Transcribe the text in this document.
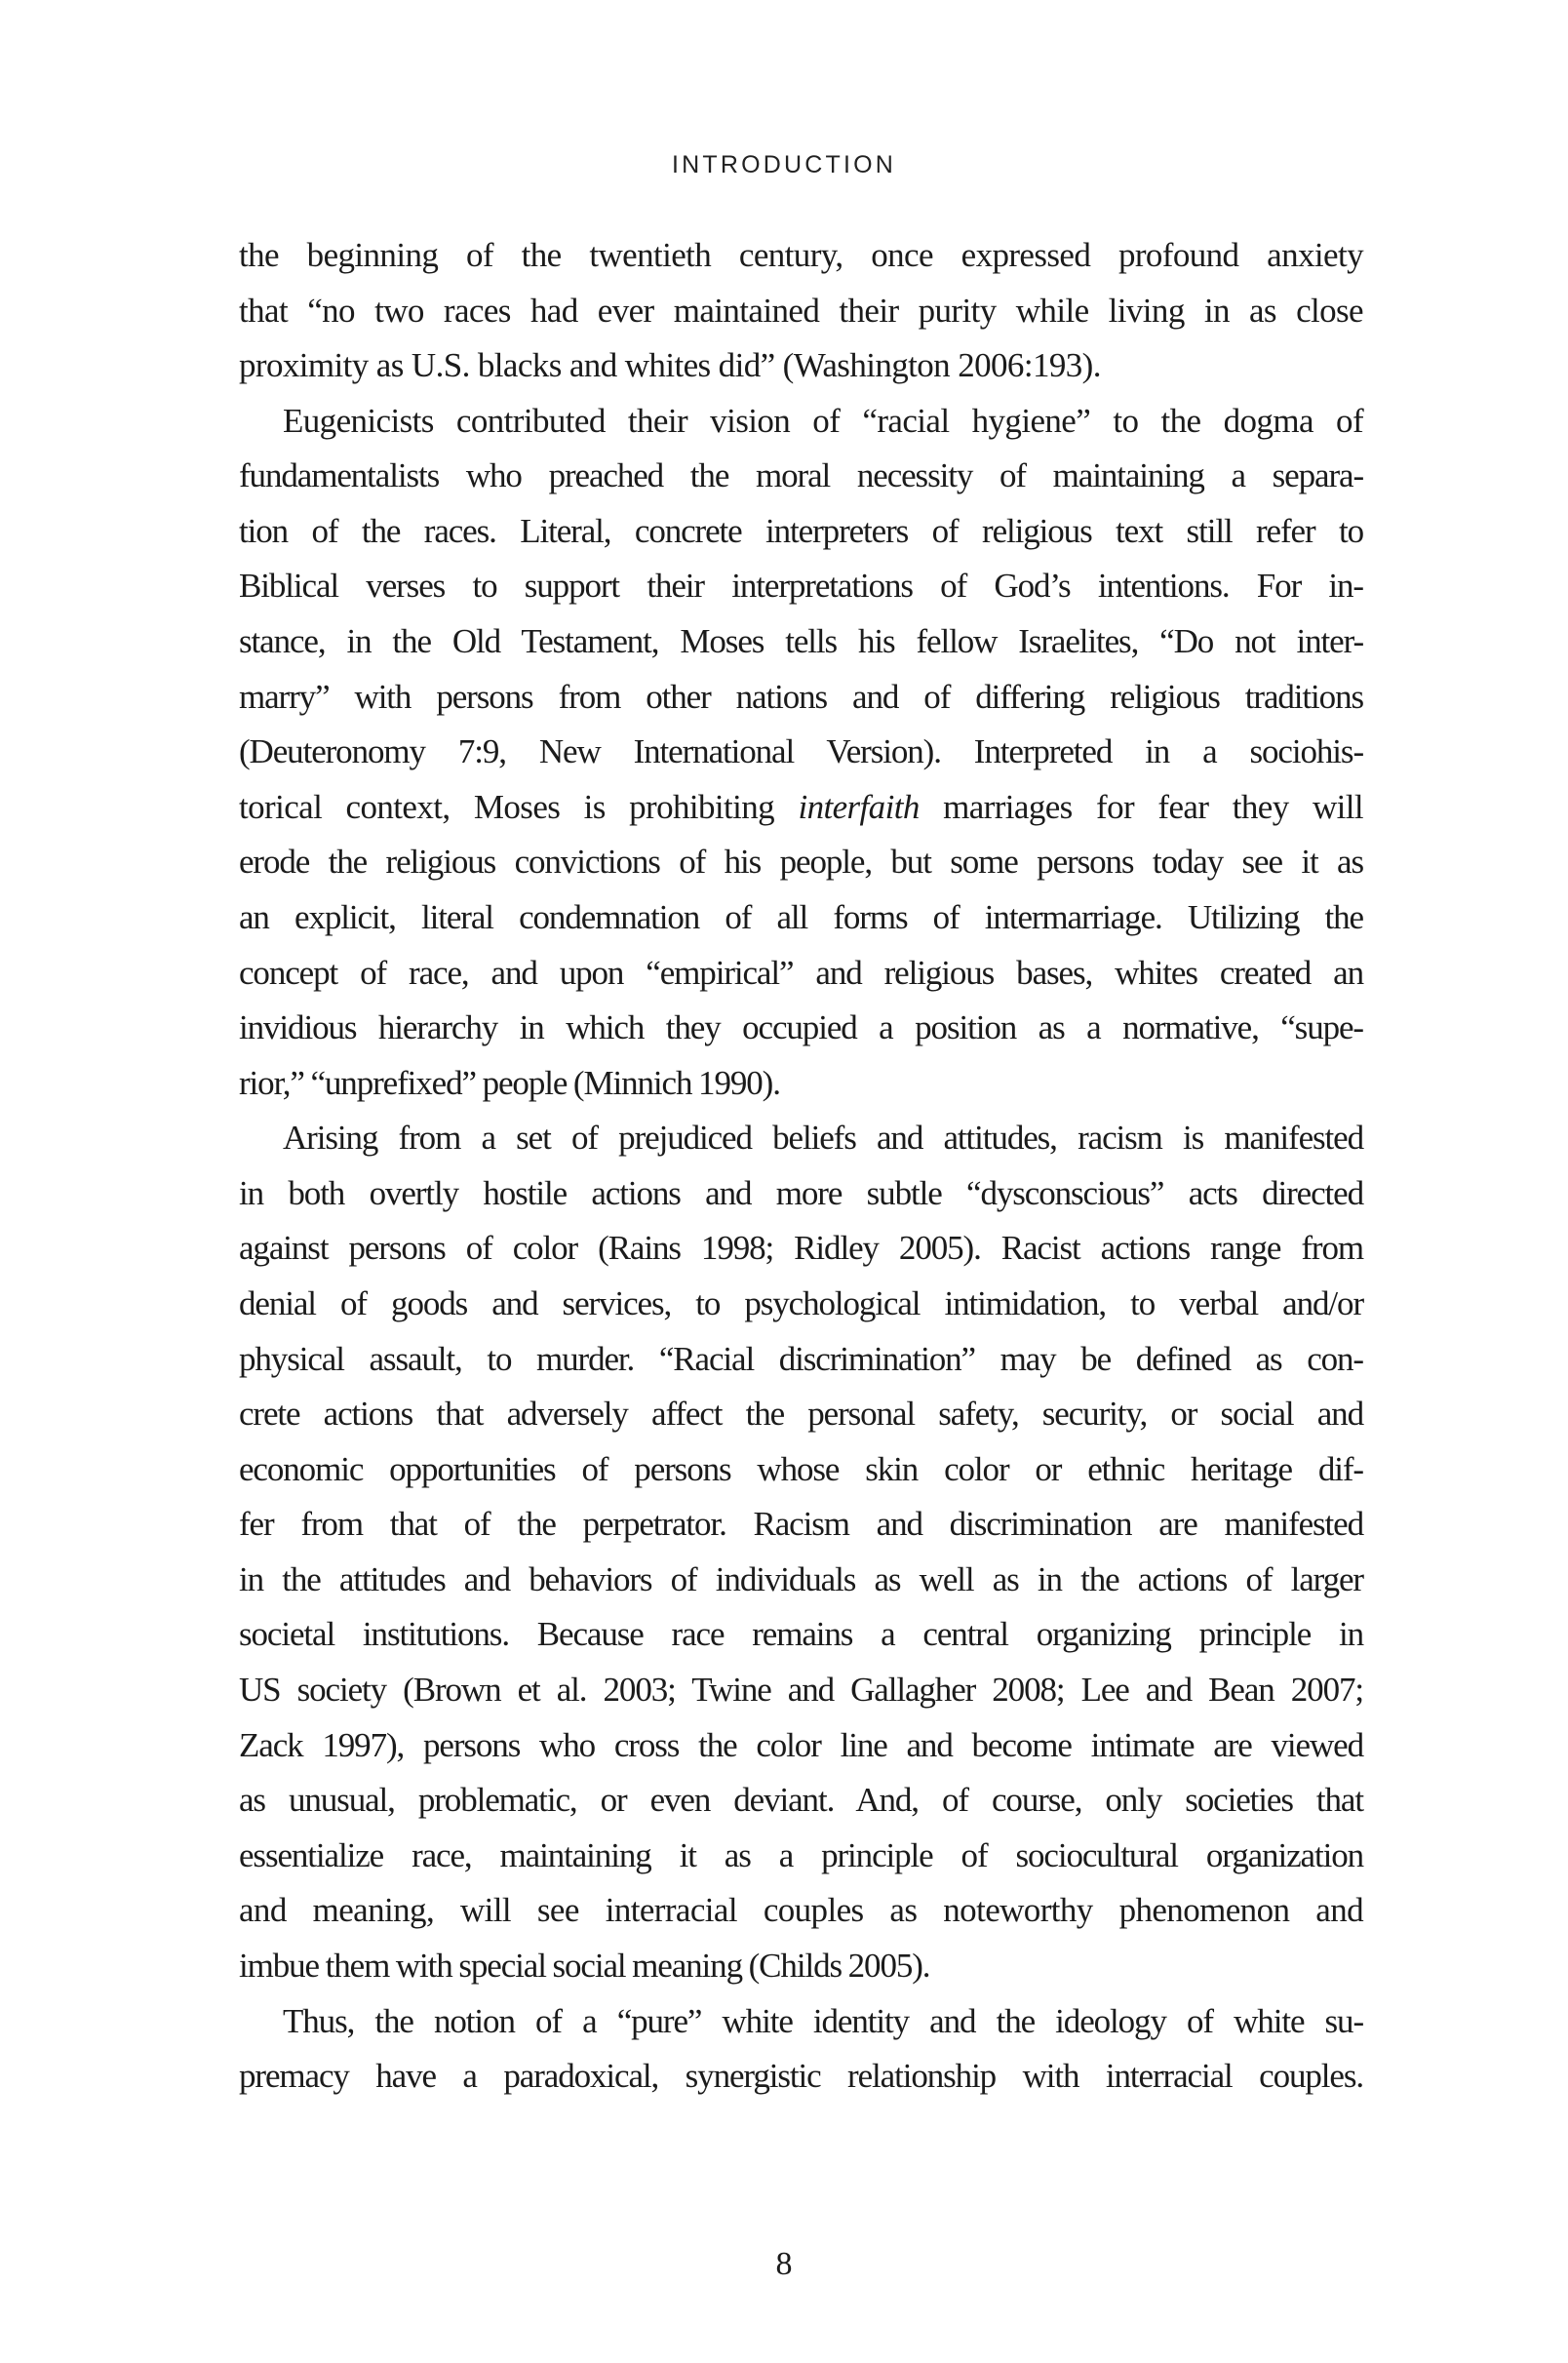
INTRODUCTION

the beginning of the twentieth century, once expressed profound anxiety
that “no two races had ever maintained their purity while living in as close
proximity as U.S. blacks and whites did” (Washington 2006:193).

Eugenicists contributed their vision of “racial hygiene” to the dogma of
fundamentalists who preached the moral necessity of maintaining a separa-
tion of the races. Literal, concrete interpreters of religious text still refer to
Biblical verses to support their interpretations of God’s intentions. For in-
stance, in the Old Testament, Moses tells his fellow Israelites, “Do not inter-
marry” with persons from other nations and of differing religious traditions
(Deuteronomy 7:9, New International Version). Interpreted in a sociohis-
torical context, Moses is prohibiting interfaith marriages for fear they will
erode the religious convictions of his people, but some persons today see it as
an explicit, literal condemnation of all forms of intermarriage. Utilizing the
concept of race, and upon “empirical” and religious bases, whites created an
invidious hierarchy in which they occupied a position as a normative, “supe-
rior,” “unprefixed” people (Minnich 1990).

Arising from a set of prejudiced beliefs and attitudes, racism is manifested
in both overtly hostile actions and more subtle “dysconscious” acts directed
against persons of color (Rains 1998; Ridley 2005). Racist actions range from
denial of goods and services, to psychological intimidation, to verbal and/or
physical assault, to murder. “Racial discrimination” may be defined as con-
crete actions that adversely affect the personal safety, security, or social and
economic opportunities of persons whose skin color or ethnic heritage dif-
fer from that of the perpetrator. Racism and discrimination are manifested
in the attitudes and behaviors of individuals as well as in the actions of larger
societal institutions. Because race remains a central organizing principle in
US society (Brown et al. 2003; Twine and Gallagher 2008; Lee and Bean 2007;
Zack 1997), persons who cross the color line and become intimate are viewed
as unusual, problematic, or even deviant. And, of course, only societies that
essentialize race, maintaining it as a principle of sociocultural organization
and meaning, will see interracial couples as noteworthy phenomenon and
imbue them with special social meaning (Childs 2005).

Thus, the notion of a “pure” white identity and the ideology of white su-
premacy have a paradoxical, synergistic relationship with interracial couples.

8
